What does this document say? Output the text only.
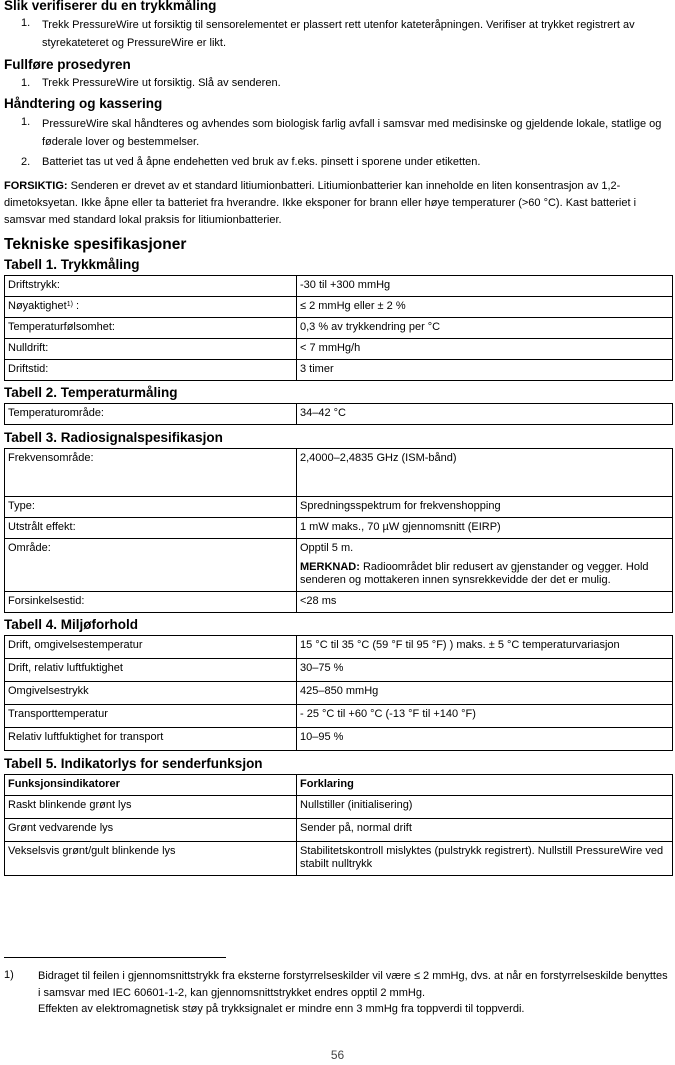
Slik verifiserer du en trykkmåling
1. Trekk PressureWire ut forsiktig til sensorelementet er plassert rett utenfor kateteråpningen. Verifiser at trykket registrert av styrekateteret og PressureWire er likt.
Fullføre prosedyren
1. Trekk PressureWire ut forsiktig. Slå av senderen.
Håndtering og kassering
1. PressureWire skal håndteres og avhendes som biologisk farlig avfall i samsvar med medisinske og gjeldende lokale, statlige og føderale lover og bestemmelser.
2. Batteriet tas ut ved å åpne endehetten ved bruk av f.eks. pinsett i sporene under etiketten.

FORSIKTIG: Senderen er drevet av et standard litiumionbatteri. Litiumionbatterier kan inneholde en liten konsentrasjon av 1,2-dimetoksyetan. Ikke åpne eller ta batteriet fra hverandre. Ikke eksponer for brann eller høye temperaturer (>60 °C). Kast batteriet i samsvar med standard lokal praksis for litiumionbatterier.

Tekniske spesifikasjoner
Tabell 1. Trykkmåling
Driftstrykk:	-30 til +300 mmHg
Nøyaktighet$^{1)}$ :	≤ 2 mmHg eller ± 2 %
Temperaturfølsomhet:	0,3 % av trykkendring per °C
Nulldrift:	< 7 mmHg/h
Driftstid:	3 timer
Tabell 2. Temperaturmåling
Temperaturområde:	34–42 °C
Tabell 3. Radiosignalspesifikasjon
Frekvensområde:	2,4000–2,4835 GHz (ISM-bånd)
Type:	Spredningsspektrum for frekvenshopping
Utstrålt effekt:	1 mW maks., 70 µW gjennomsnitt (EIRP)
Område:	Opptil 5 m.
MERKNAD: Radioområdet blir redusert av gjenstander og vegger. Hold senderen og mottakeren innen synsrekkevidde der det er mulig.

Forsinkelsestid:	<28 ms
Tabell 4. Miljøforhold
Drift, omgivelsestemperatur	15 °C til 35 °C (59 °F til 95 °F) ) maks. ± 5 °C temperaturvariasjon
Drift, relativ luftfuktighet	30–75 %
Omgivelsestrykk	425–850 mmHg
Transporttemperatur	- 25 °C til +60 °C (-13 °F til +140 °F)
Relativ luftfuktighet for transport	10–95 %
Tabell 5. Indikatorlys for senderfunksjon
Funksjonsindikatorer	Forklaring
Raskt blinkende grønt lys	Nullstiller (initialisering)
Grønt vedvarende lys	Sender på, normal drift
Vekselsvis grønt/gult blinkende lys	Stabilitetskontroll mislyktes (pulstrykk registrert). Nullstill PressureWire ved stabilt nulltrykk
1) Bidraget til feilen i gjennomsnittstrykk fra eksterne forstyrrelseskilder vil være ≤ 2 mmHg, dvs. at når en forstyrrelseskilde benyttes i samsvar med IEC 60601-1-2, kan gjennomsnittstrykket endres opptil 2 mmHg.
Effekten av elektromagnetisk støy på trykksignalet er mindre enn 3 mmHg fra toppverdi til toppverdi.
56
